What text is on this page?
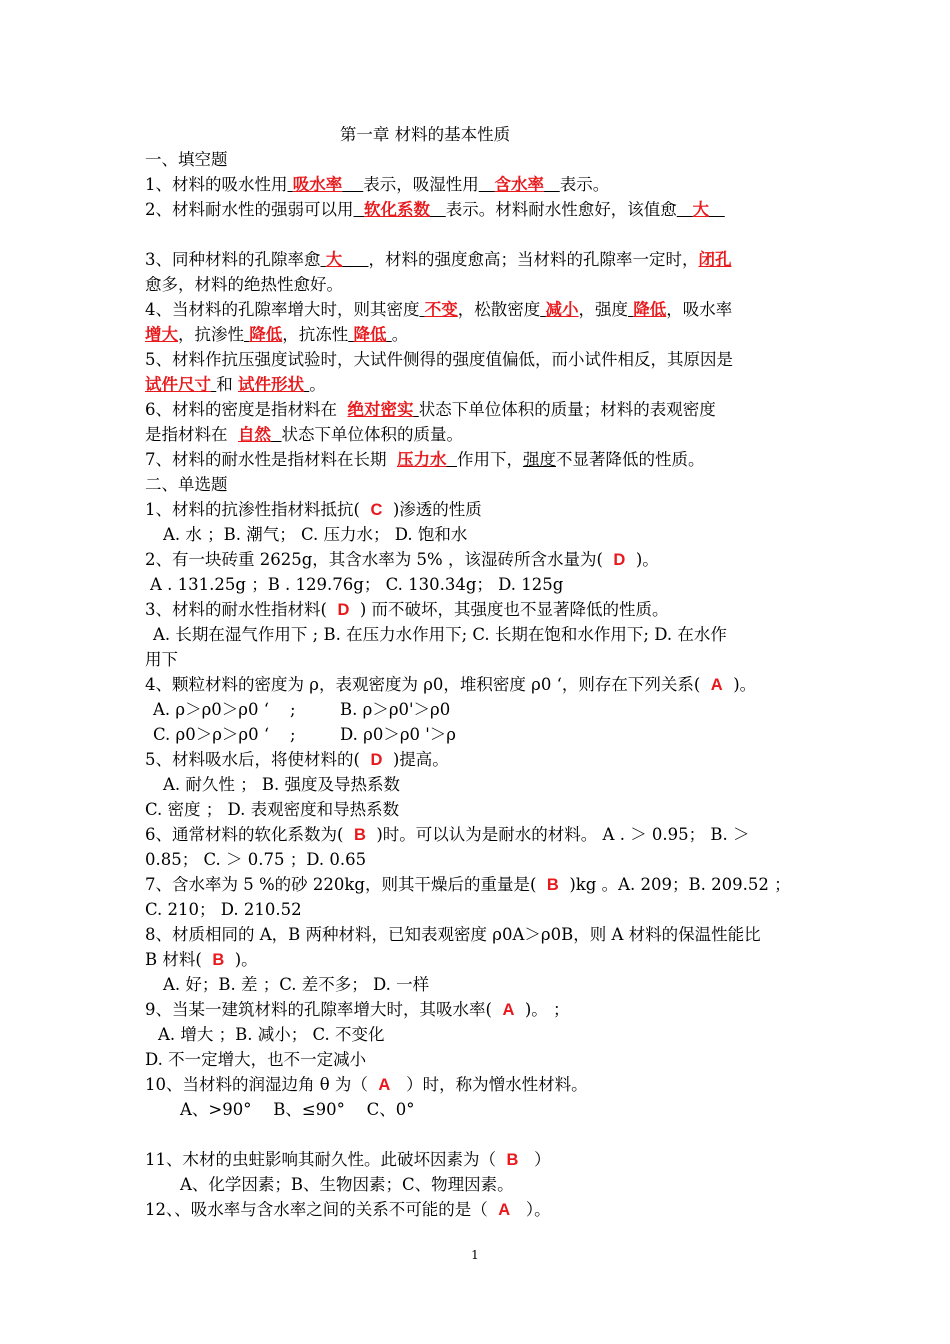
第一章 材料的基本性质
一、填空题
1、材料的吸水性用 吸水率 表示，吸湿性用 含水率 表示。
2、材料耐水性的强弱可以用 软化系数 表示。材料耐水性愈好，该值愈 大
3、同种材料的孔隙率愈 大 ，材料的强度愈高；当材料的孔隙率一定时，闭孔
愈多，材料的绝热性愈好。
4、当材料的孔隙率增大时，则其密度 不变，松散密度 减小，强度 降低，吸水率
增大，抗渗性 降低，抗冻性 降低 。
5、材料作抗压强度试验时，大试件侧得的强度值偏低，而小试件相反，其原因是
试件尺寸 和 试件形状 。
6、材料的密度是指材料在 绝对密实 状态下单位体积的质量；材料的表观密度
是指材料在 自然 状态下单位体积的质量。
7、材料的耐水性是指材料在长期 压力水 作用下，强度不显著降低的性质。
二、单选题
1、材料的抗渗性指材料抵抗( C )渗透的性质
A. 水 ；B. 潮气； C. 压力水； D. 饱和水
2、有一块砖重 2625g，其含水率为 5% ，该湿砖所含水量为( D )。
A . 131.25g ；B . 129.76g； C. 130.34g； D. 125g
3、材料的耐水性指材料( D ) 而不破坏，其强度也不显著降低的性质。
A. 长期在湿气作用下 ; B. 在压力水作用下; C. 长期在饱和水作用下; D. 在水作
用下
4、颗粒材料的密度为 ρ，表观密度为 ρ0，堆积密度 ρ0 ‘，则存在下列关系( A )。
A. ρ＞ρ0＞ρ0 ‘ ;	B. ρ＞ρ0'＞ρ0
C. ρ0＞ρ＞ρ0 ‘ ;	D. ρ0＞ρ0 '＞ρ
5、材料吸水后，将使材料的( D )提高。
A. 耐久性 ； B. 强度及导热系数
C. 密度 ； D. 表观密度和导热系数
6、通常材料的软化系数为( B )时。可以认为是耐水的材料。 A . ＞ 0.95； B. ＞
0.85； C. ＞ 0.75 ；D. 0.65
7、含水率为 5 %的砂 220kg，则其干燥后的重量是( B )kg 。A. 209；B. 209.52 ；
C. 210； D. 210.52
8、材质相同的 A，B 两种材料，已知表观密度 ρ0A＞ρ0B，则 A 材料的保温性能比
B 材料( B )。
A. 好；B. 差 ；C. 差不多； D. 一样
9、当某一建筑材料的孔隙率增大时，其吸水率( A )。 ；
A. 增大 ；B. 减小； C. 不变化
D. 不一定增大，也不一定减小
10、当材料的润湿边角 θ 为（ A ）时，称为憎水性材料。
A、>90°　 B、≤90°　 C、0°
11、木材的虫蛀影响其耐久性。此破坏因素为（ B ）
A、化学因素；B、生物因素；C、物理因素。
12、、吸水率与含水率之间的关系不可能的是（ A ）。
1
